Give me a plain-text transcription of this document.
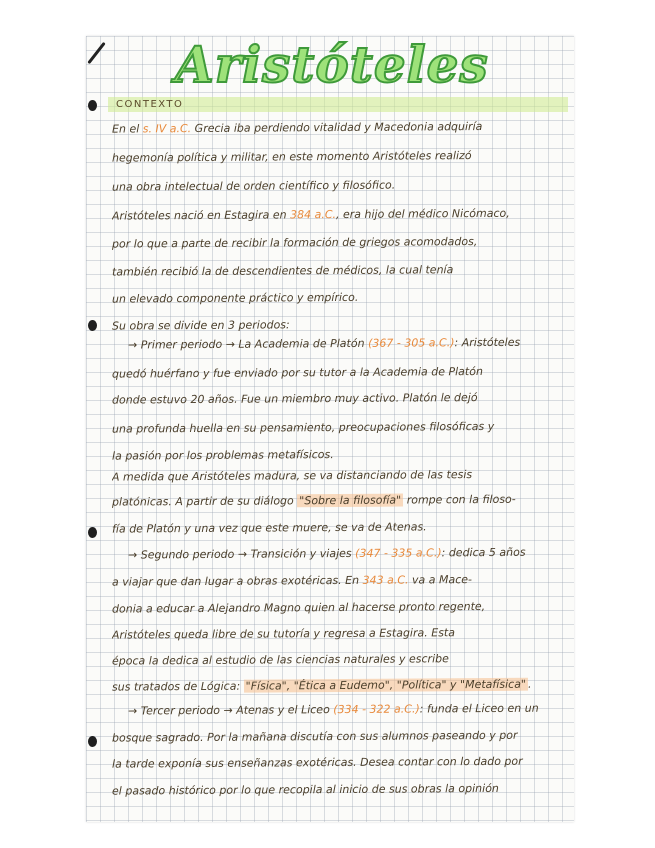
Aristóteles
CONTEXTO
En el s. IV a.C. Grecia iba perdiendo vitalidad y Macedonia adquiría
hegemonía política y militar, en este momento Aristóteles realizó
una obra intelectual de orden científico y filosófico.
Aristóteles nació en Estagira en 384 a.C., era hijo del médico Nicómaco,
por lo que a parte de recibir la formación de griegos acomodados,
también recibió la de descendientes de médicos, la cual tenía
un elevado componente práctico y empírico.
Su obra se divide en 3 periodos:
→ Primer periodo → La Academia de Platón (367 - 305 a.C.): Aristóteles
quedó huérfano y fue enviado por su tutor a la Academia de Platón
donde estuvo 20 años. Fue un miembro muy activo. Platón le dejó
una profunda huella en su pensamiento, preocupaciones filosóficas y
la pasión por los problemas metafísicos.
A medida que Aristóteles madura, se va distanciando de las tesis
platónicas. A partir de su diálogo "Sobre la filosofía" rompe con la filoso-
fía de Platón y una vez que este muere, se va de Atenas.
→ Segundo periodo → Transición y viajes (347 - 335 a.C.): dedica 5 años
a viajar que dan lugar a obras exotéricas. En 343 a.C. va a Mace-
donia a educar a Alejandro Magno quien al hacerse pronto regente,
Aristóteles queda libre de su tutoría y regresa a Estagira. Esta
época la dedica al estudio de las ciencias naturales y escribe
sus tratados de Lógica: "Física", "Ética a Eudemo", "Política" y "Metafísica" .
→ Tercer periodo → Atenas y el Liceo (334 - 322 a.C.): funda el Liceo en un
bosque sagrado. Por la mañana discutía con sus alumnos paseando y por
la tarde exponía sus enseñanzas exotéricas. Desea contar con lo dado por
el pasado histórico por lo que recopila al inicio de sus obras la opinión
